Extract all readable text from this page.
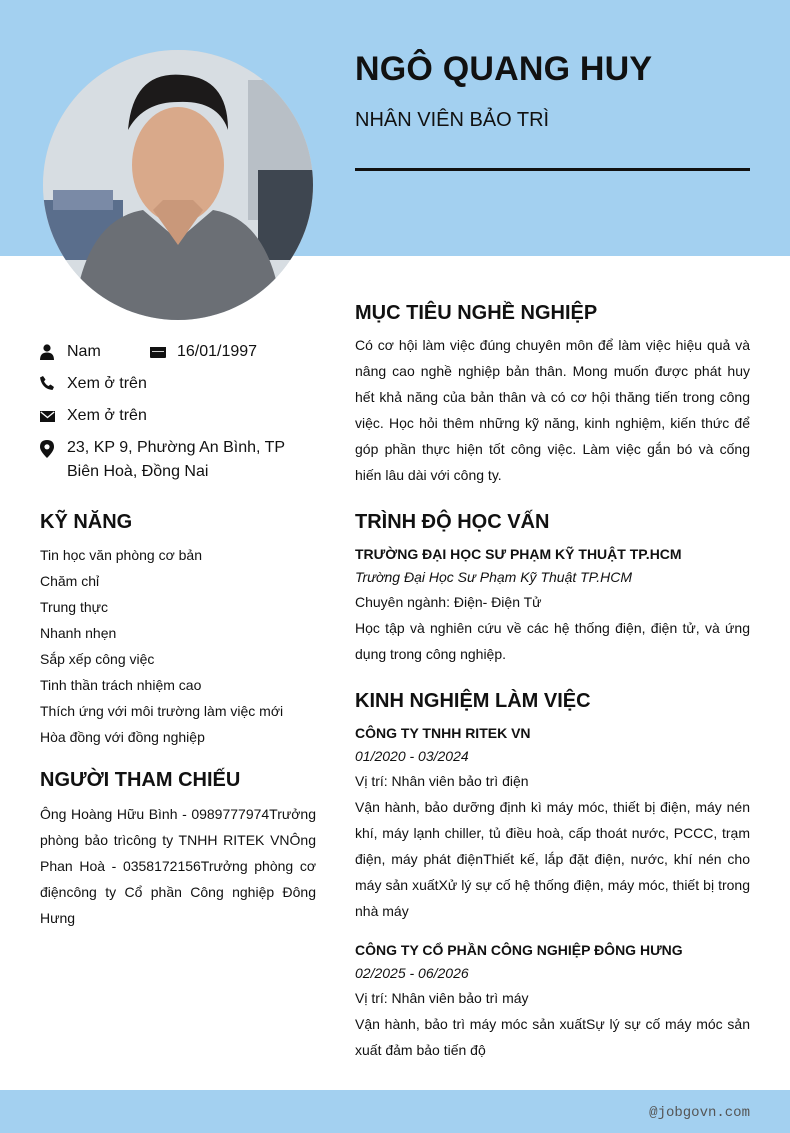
NGÔ QUANG HUY
NHÂN VIÊN BẢO TRÌ
Nam	16/01/1997
Xem ở trên
Xem ở trên
23, KP 9, Phường An Bình, TP Biên Hoà, Đồng Nai
KỸ NĂNG
Tin học văn phòng cơ bản
Chăm chỉ
Trung thực
Nhanh nhẹn
Sắp xếp công việc
Tinh thần trách nhiệm cao
Thích ứng với môi trường làm việc mới
Hòa đồng với đồng nghiệp
NGƯỜI THAM CHIẾU
Ông Hoàng Hữu Bình - 0989777974Trưởng phòng bảo trìcông ty TNHH RITEK VNÔng Phan Hoà - 0358172156Trưởng phòng cơ điệncông ty Cổ phần Công nghiệp Đông Hưng
MỤC TIÊU NGHỀ NGHIỆP
Có cơ hội làm việc đúng chuyên môn để làm việc hiệu quả và nâng cao nghề nghiệp bản thân. Mong muốn được phát huy hết khả năng của bản thân và có cơ hội thăng tiến trong công việc. Học hỏi thêm những kỹ năng, kinh nghiệm, kiến thức để góp phần thực hiện tốt công việc. Làm việc gắn bó và cống hiến lâu dài với công ty.
TRÌNH ĐỘ HỌC VẤN
TRƯỜNG ĐẠI HỌC SƯ PHẠM KỸ THUẬT TP.HCM
Trường Đại Học Sư Phạm Kỹ Thuật TP.HCM
Chuyên ngành: Điện- Điện Tử
Học tập và nghiên cứu về các hệ thống điện, điện tử, và ứng dụng trong công nghiệp.
KINH NGHIỆM LÀM VIỆC
CÔNG TY TNHH RITEK VN
01/2020 - 03/2024
Vị trí: Nhân viên bảo trì điện
Vận hành, bảo dưỡng định kì máy móc, thiết bị điện, máy nén khí, máy lạnh chiller, tủ điều hoà, cấp thoát nước, PCCC, trạm điện, máy phát điệnThiết kế, lắp đặt điện, nước, khí nén cho máy sản xuấtXử lý sự cố hệ thống điện, máy móc, thiết bị trong nhà máy
CÔNG TY CỔ PHẦN CÔNG NGHIỆP ĐÔNG HƯNG
02/2025 - 06/2026
Vị trí: Nhân viên bảo trì máy
Vận hành, bảo trì máy móc sản xuấtSự lý sự cố máy móc sản xuất đảm bảo tiến độ
@jobgovn.com
